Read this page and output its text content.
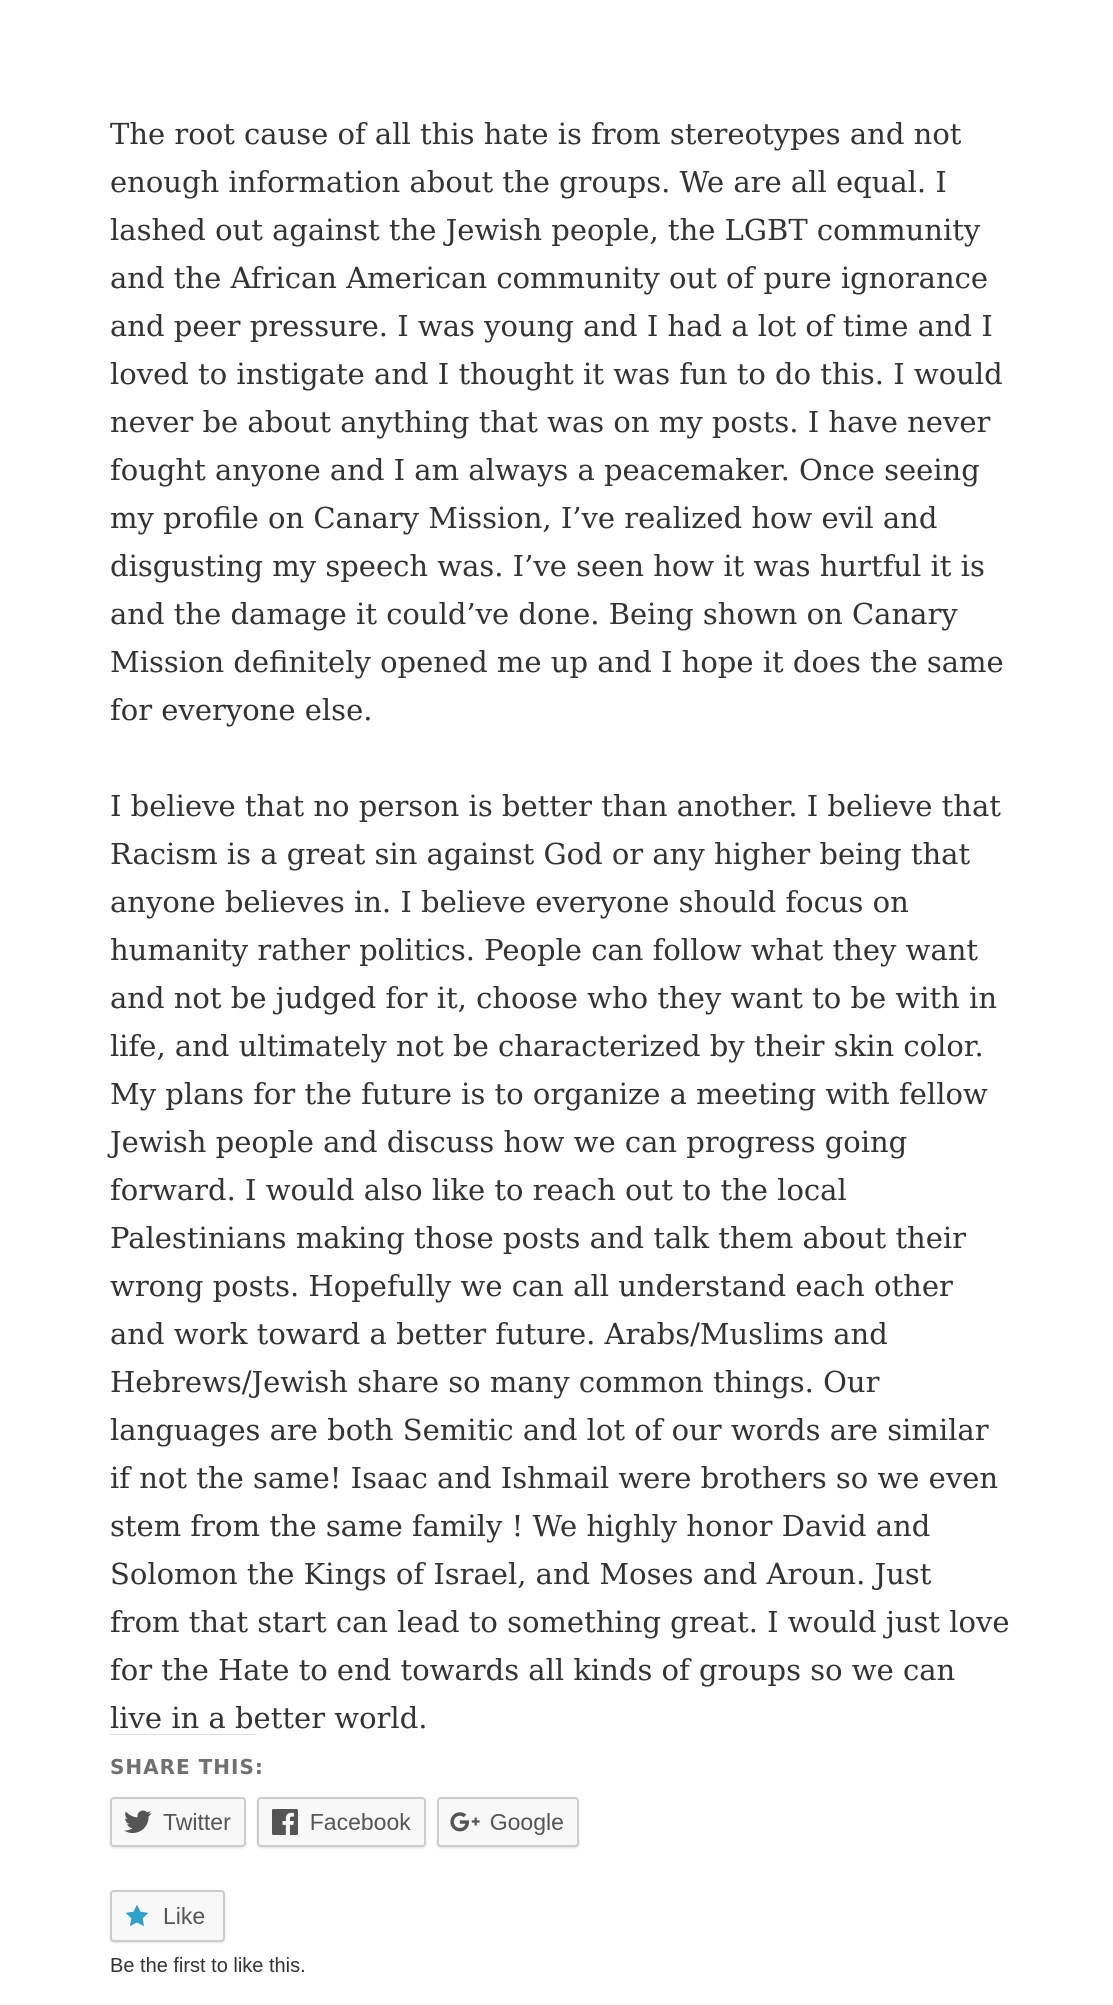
The root cause of all this hate is from stereotypes and not enough information about the groups. We are all equal. I lashed out against the Jewish people, the LGBT community and the African American community out of pure ignorance and peer pressure. I was young and I had a lot of time and I loved to instigate and I thought it was fun to do this. I would never be about anything that was on my posts. I have never fought anyone and I am always a peacemaker. Once seeing my profile on Canary Mission, I’ve realized how evil and disgusting my speech was. I’ve seen how it was hurtful it is and the damage it could’ve done. Being shown on Canary Mission definitely opened me up and I hope it does the same for everyone else.

I believe that no person is better than another. I believe that Racism is a great sin against God or any higher being that anyone believes in. I believe everyone should focus on humanity rather politics. People can follow what they want and not be judged for it, choose who they want to be with in life, and ultimately not be characterized by their skin color. My plans for the future is to organize a meeting with fellow Jewish people and discuss how we can progress going forward. I would also like to reach out to the local Palestinians making those posts and talk them about their wrong posts. Hopefully we can all understand each other and work toward a better future. Arabs/Muslims and Hebrews/Jewish share so many common things. Our languages are both Semitic and lot of our words are similar if not the same! Isaac and Ishmail were brothers so we even stem from the same family ! We highly honor David and Solomon the Kings of Israel, and Moses and Aroun. Just from that start can lead to something great. I would just love for the Hate to end towards all kinds of groups so we can live in a better world.

SHARE THIS:
Twitter	Facebook	Google
Like
Be the first to like this.
